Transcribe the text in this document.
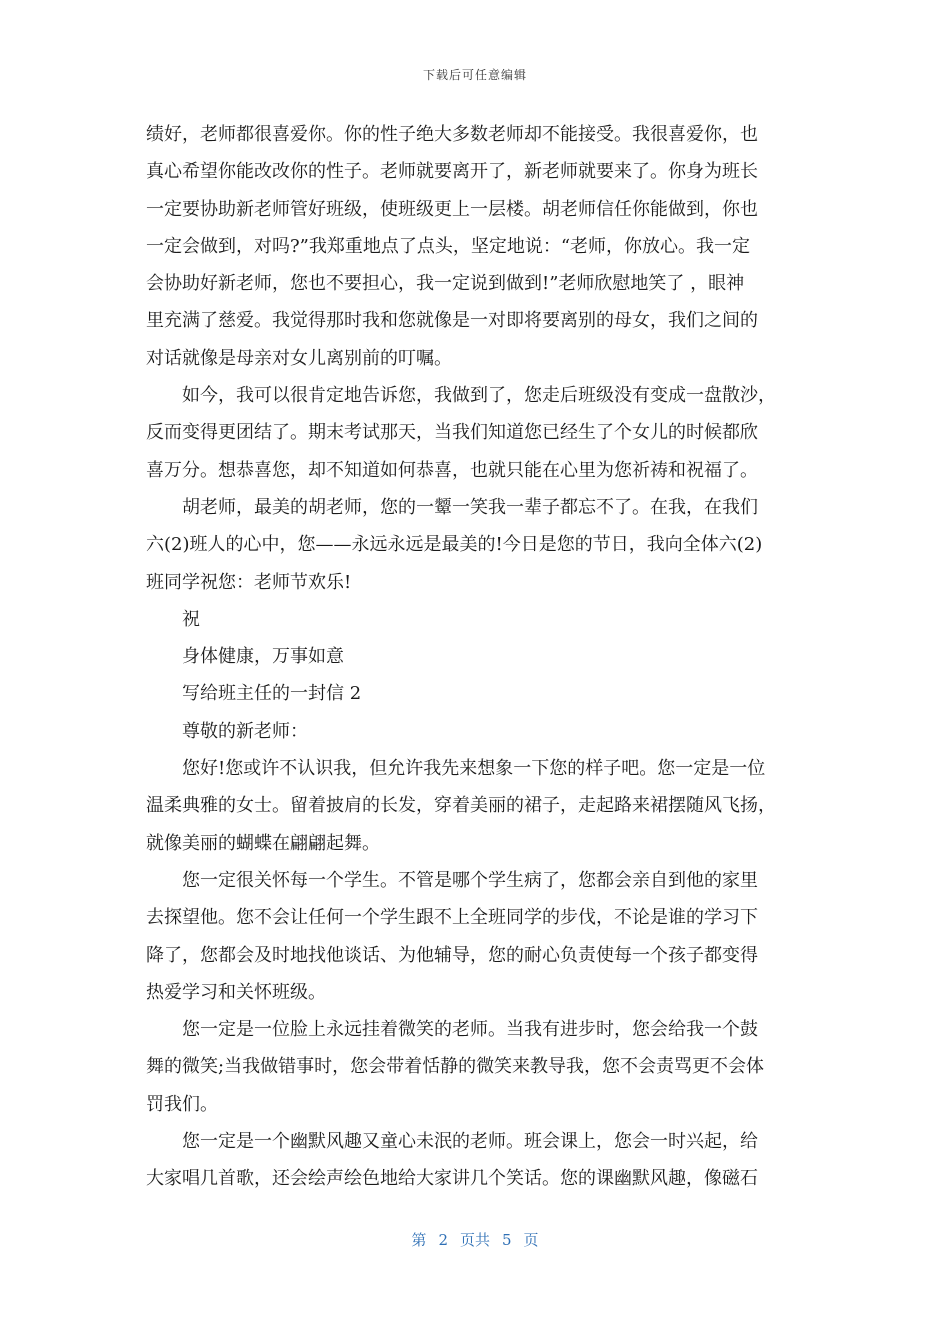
下载后可任意编辑
绩好，老师都很喜爱你。你的性子绝大多数老师却不能接受。我很喜爱你，也
真心希望你能改改你的性子。老师就要离开了，新老师就要来了。你身为班长
一定要协助新老师管好班级，使班级更上一层楼。胡老师信任你能做到，你也
一定会做到，对吗?”我郑重地点了点头，坚定地说：“老师，你放心。我一定
会协助好新老师，您也不要担心，我一定说到做到!”老师欣慰地笑了 ，眼神
里充满了慈爱。我觉得那时我和您就像是一对即将要离别的母女，我们之间的
对话就像是母亲对女儿离别前的叮嘱。
如今，我可以很肯定地告诉您，我做到了，您走后班级没有变成一盘散沙，
反而变得更团结了。期末考试那天，当我们知道您已经生了个女儿的时候都欣
喜万分。想恭喜您，却不知道如何恭喜，也就只能在心里为您祈祷和祝福了。
胡老师，最美的胡老师，您的一颦一笑我一辈子都忘不了。在我，在我们
六(2)班人的心中，您——永远永远是最美的!今日是您的节日，我向全体六(2)
班同学祝您：老师节欢乐!
祝
身体健康，万事如意
写给班主任的一封信 2
尊敬的新老师：
您好!您或许不认识我，但允许我先来想象一下您的样子吧。您一定是一位
温柔典雅的女士。留着披肩的长发，穿着美丽的裙子，走起路来裙摆随风飞扬，
就像美丽的蝴蝶在翩翩起舞。
您一定很关怀每一个学生。不管是哪个学生病了，您都会亲自到他的家里
去探望他。您不会让任何一个学生跟不上全班同学的步伐，不论是谁的学习下
降了，您都会及时地找他谈话、为他辅导，您的耐心负责使每一个孩子都变得
热爱学习和关怀班级。
您一定是一位脸上永远挂着微笑的老师。当我有进步时，您会给我一个鼓
舞的微笑;当我做错事时，您会带着恬静的微笑来教导我，您不会责骂更不会体
罚我们。
您一定是一个幽默风趣又童心未泯的老师。班会课上，您会一时兴起，给
大家唱几首歌，还会绘声绘色地给大家讲几个笑话。您的课幽默风趣，像磁石
第 2 页共 5 页
